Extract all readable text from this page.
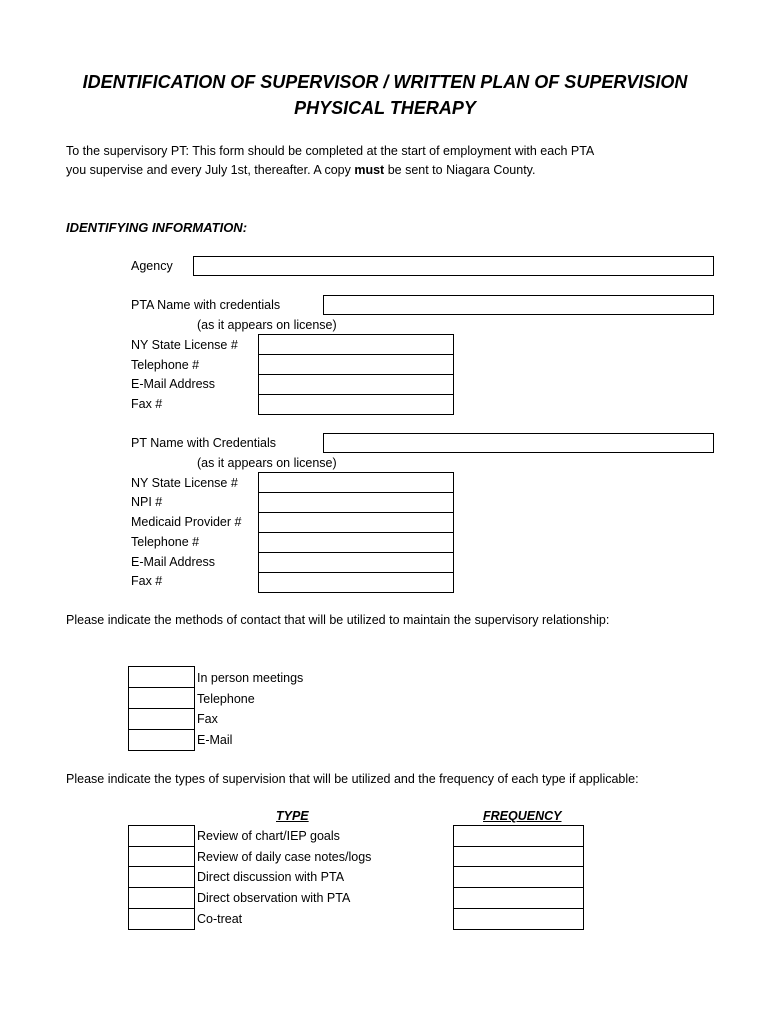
IDENTIFICATION OF SUPERVISOR / WRITTEN PLAN OF SUPERVISION
PHYSICAL THERAPY
To the supervisory PT: This form should be completed at the start of employment with each PTA
you supervise and every July 1st, thereafter. A copy must be sent to Niagara County.
IDENTIFYING INFORMATION:
Agency
PTA Name with credentials
(as it appears on license)
NY State License #
Telephone #
E-Mail Address
Fax #
PT Name with Credentials
(as it appears on license)
NY State License #
NPI #
Medicaid Provider #
Telephone #
E-Mail Address
Fax #
Please indicate the methods of contact that will be utilized to maintain the supervisory relationship:
In person meetings
Telephone
Fax
E-Mail
Please indicate the types of supervision that will be utilized and the frequency of each type if applicable:
TYPE	FREQUENCY
Review of chart/IEP goals
Review of daily case notes/logs
Direct discussion with PTA
Direct observation with PTA
Co-treat
